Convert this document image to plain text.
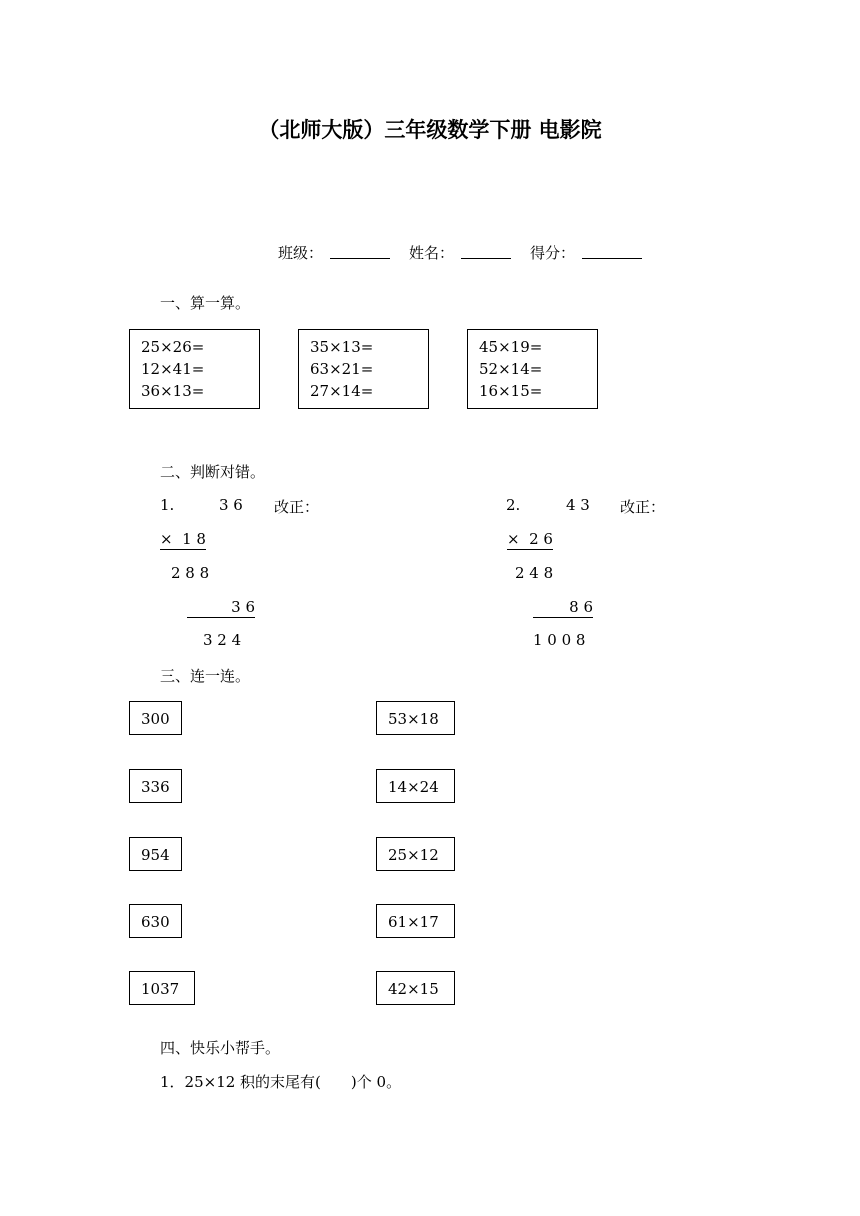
（北师大版）三年级数学下册 电影院
班级：	姓名：	得分：
一、算一算。
25×26=
12×41=
36×13=
35×13=
63×21=
27×14=
45×19=
52×14=
16×15=
二、判断对错。
1.	3 6 改正：
×  1 8
2 8 8
3 6
3 2 4
2.	4 3 改正：
×  2 6
2 4 8
8 6
1 0 0 8
三、连一连。
300
336
954
630
1037
53×18
14×24
25×12
61×17
42×15
四、快乐小帮手。
1．25×12 积的末尾有(　　)个 0。
